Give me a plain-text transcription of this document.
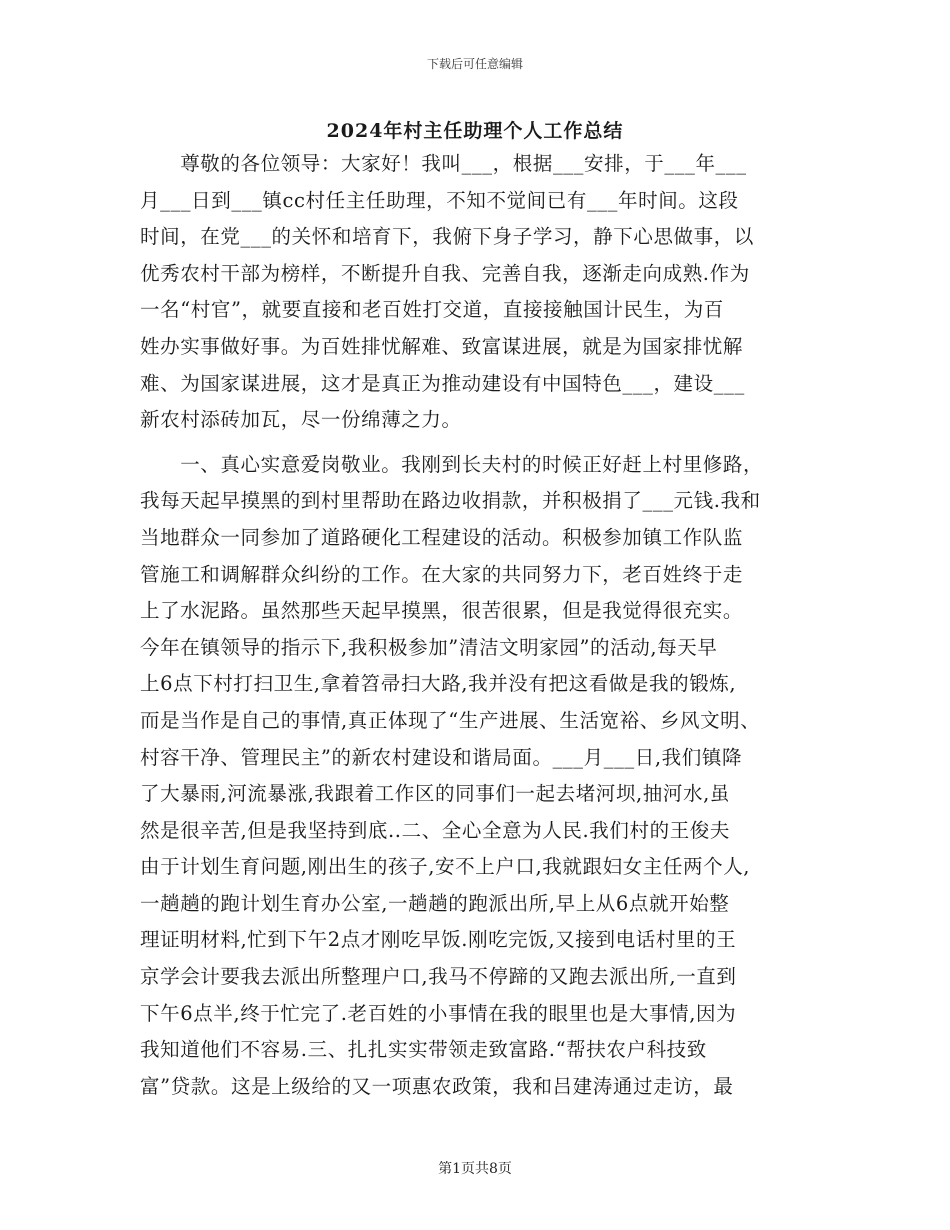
下载后可任意编辑
2024年村主任助理个人工作总结
　　尊敬的各位领导：大家好！我叫___，根据___安排，于___年___
月___日到___镇cc村任主任助理，不知不觉间已有___年时间。这段
时间，在党___的关怀和培育下，我俯下身子学习，静下心思做事，以
优秀农村干部为榜样，不断提升自我、完善自我，逐渐走向成熟.作为
一名“村官”，就要直接和老百姓打交道，直接接触国计民生，为百
姓办实事做好事。为百姓排忧解难、致富谋进展，就是为国家排忧解
难、为国家谋进展，这才是真正为推动建设有中国特色___，建设___
新农村添砖加瓦，尽一份绵薄之力。
　　一、真心实意爱岗敬业。我刚到长夫村的时候正好赶上村里修路，
我每天起早摸黑的到村里帮助在路边收捐款，并积极捐了___元钱.我和
当地群众一同参加了道路硬化工程建设的活动。积极参加镇工作队监
管施工和调解群众纠纷的工作。在大家的共同努力下，老百姓终于走
上了水泥路。虽然那些天起早摸黑，很苦很累，但是我觉得很充实。
今年在镇领导的指示下,我积极参加”清洁文明家园”的活动,每天早
上6点下村打扫卫生,拿着笤帚扫大路,我并没有把这看做是我的锻炼,
而是当作是自己的事情,真正体现了“生产进展、生活宽裕、乡风文明、
村容干净、管理民主”的新农村建设和谐局面。___月___日,我们镇降
了大暴雨,河流暴涨,我跟着工作区的同事们一起去堵河坝,抽河水,虽
然是很辛苦,但是我坚持到底..二、全心全意为人民.我们村的王俊夫
由于计划生育问题,刚出生的孩子,安不上户口,我就跟妇女主任两个人,
一趟趟的跑计划生育办公室,一趟趟的跑派出所,早上从6点就开始整
理证明材料,忙到下午2点才刚吃早饭.刚吃完饭,又接到电话村里的王
京学会计要我去派出所整理户口,我马不停蹄的又跑去派出所,一直到
下午6点半,终于忙完了.老百姓的小事情在我的眼里也是大事情,因为
我知道他们不容易.三、扎扎实实带领走致富路.“帮扶农户科技致
富”贷款。这是上级给的又一项惠农政策，我和吕建涛通过走访，最
第1页共8页
